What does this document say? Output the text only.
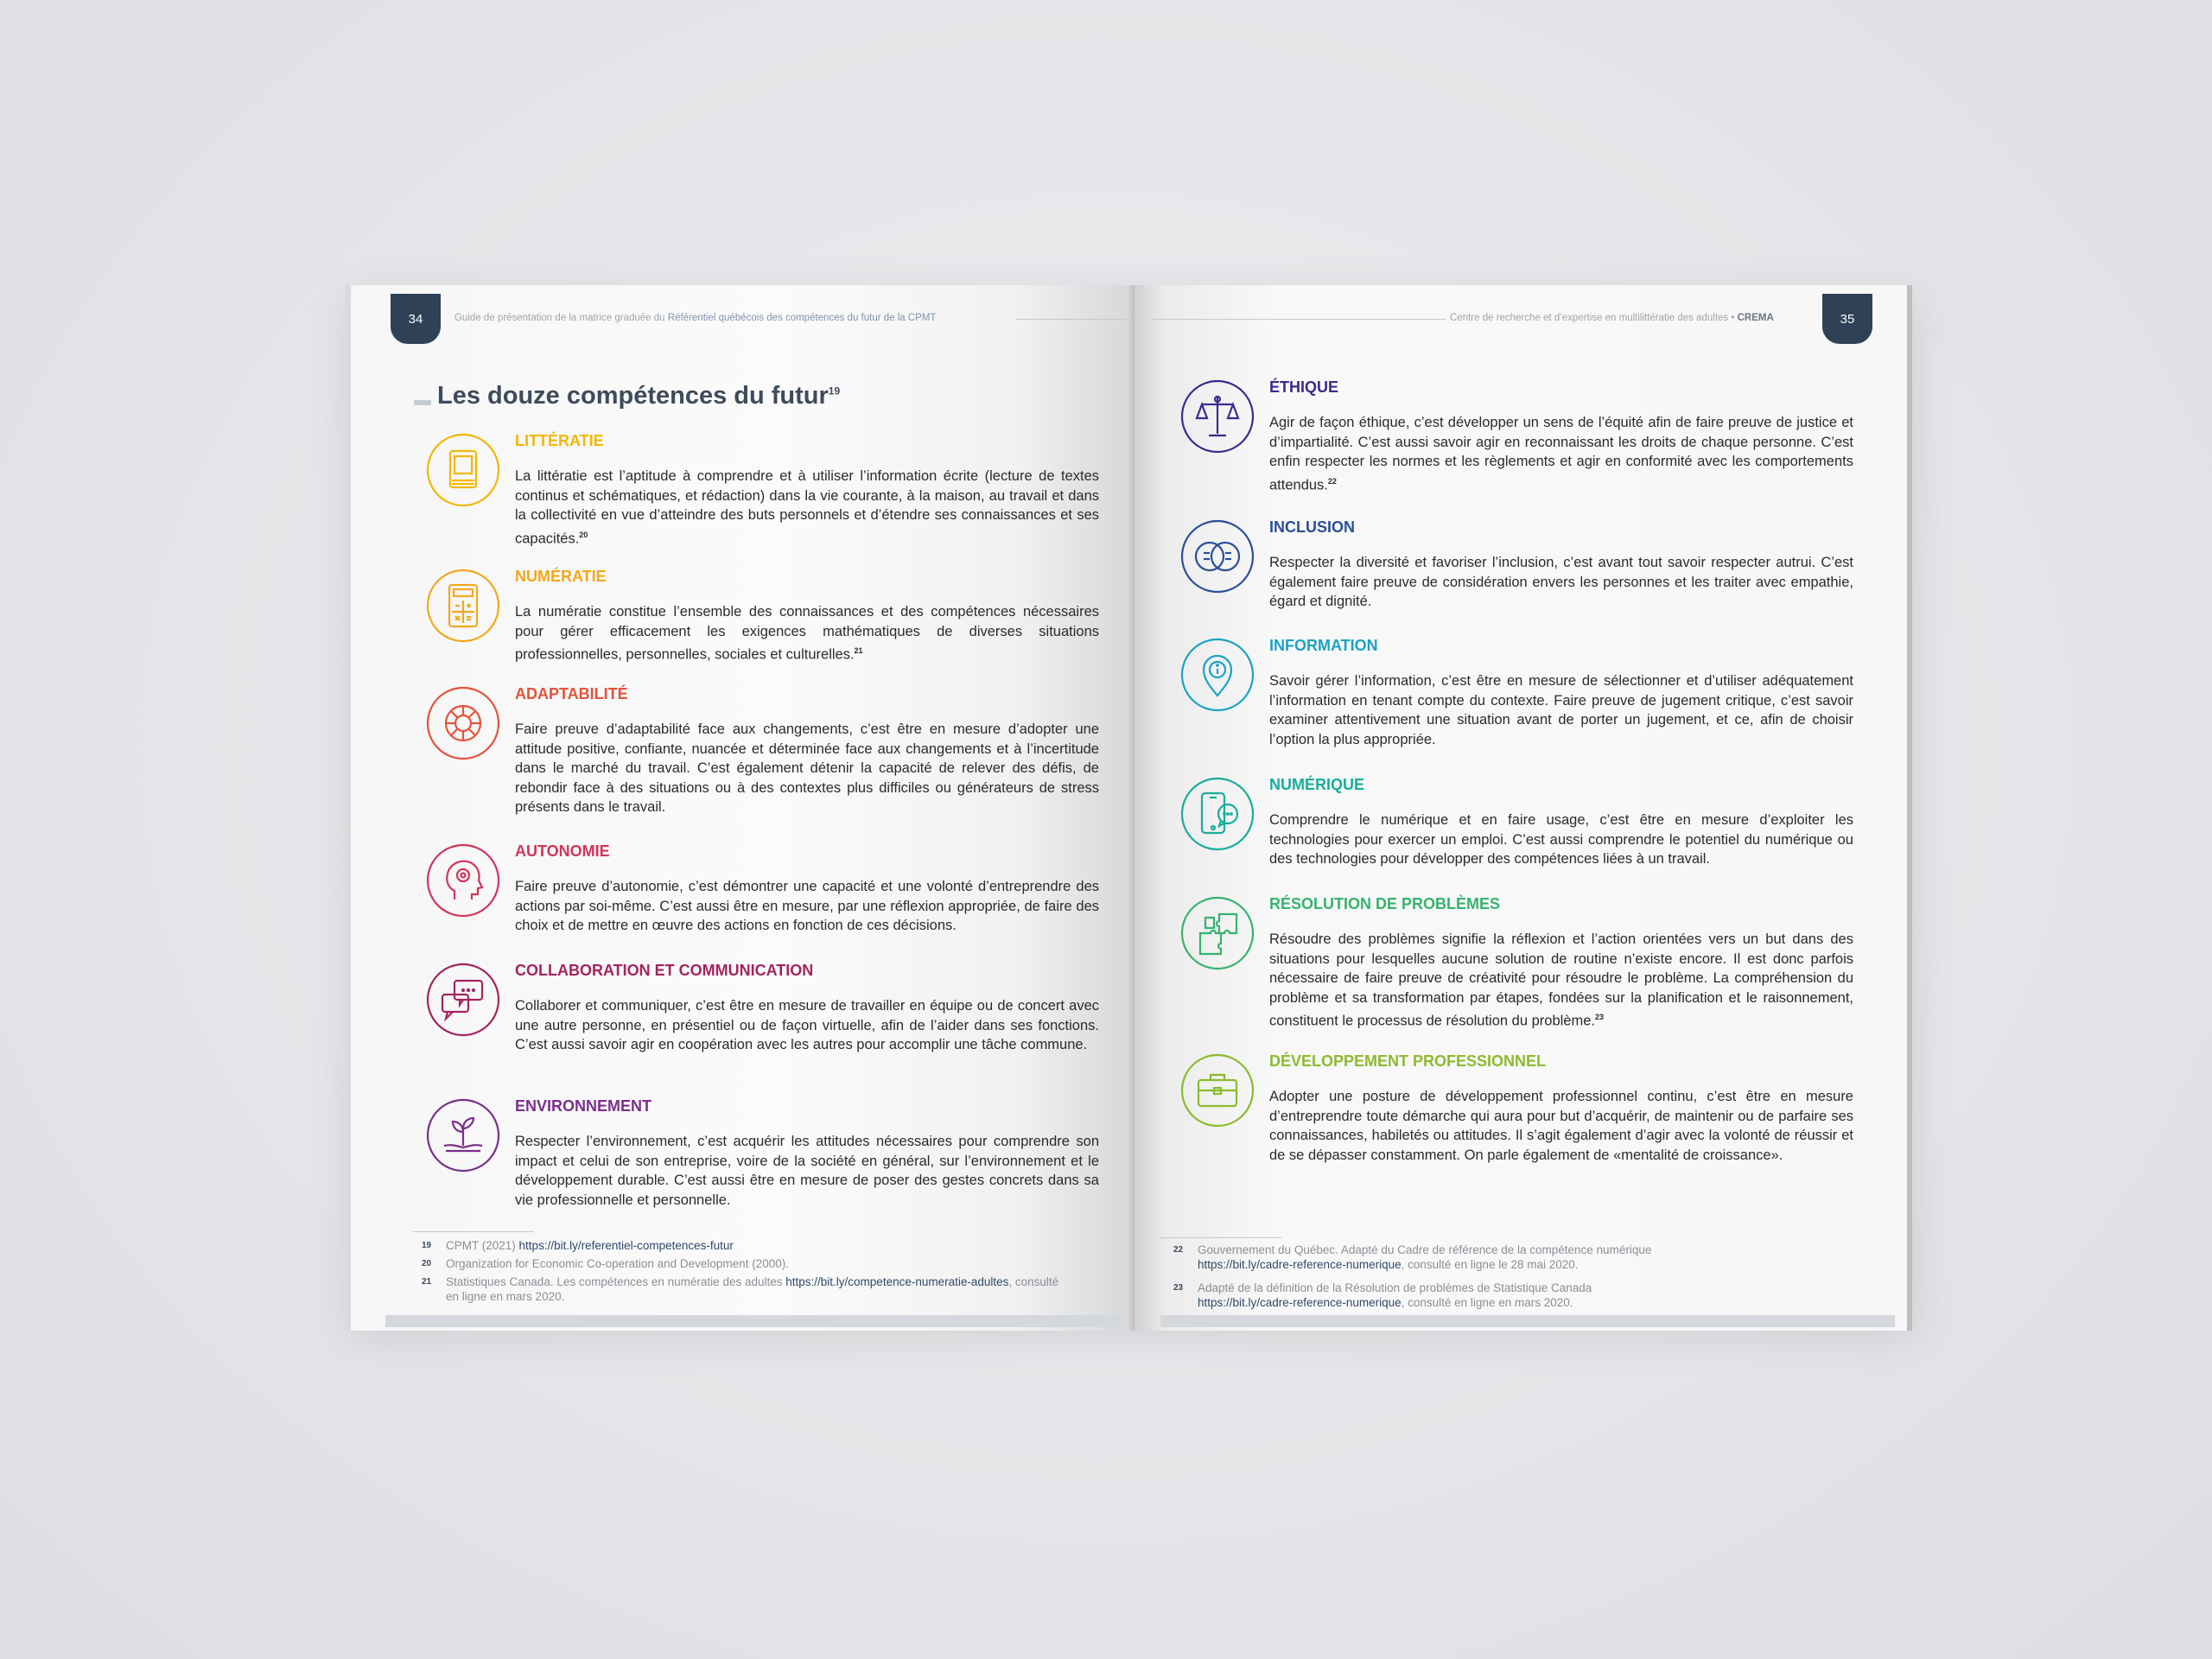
34	Guide de présentation de la matrice graduée du Référentiel québécois des compétences du futur de la CPMT
Les douze compétences du futur$^{19}$
LITTÉRATIE

La littératie est l’aptitude à comprendre et à utiliser l’information écrite (lecture de textes continus et schématiques, et rédaction) dans la vie courante, à la maison, au travail et dans la collectivité en vue d’atteindre des buts personnels et d’étendre ses connaissances et ses capacités.$^{20}$

NUMÉRATIE

La numératie constitue l’ensemble des connaissances et des compétences nécessaires pour gérer efficacement les exigences mathématiques de diverses situations professionnelles, personnelles, sociales et culturelles.$^{21}$

ADAPTABILITÉ

Faire preuve d’adaptabilité face aux changements, c’est être en mesure d’adopter une attitude positive, confiante, nuancée et déterminée face aux changements et à l’incertitude dans le marché du travail. C’est également détenir la capacité de relever des défis, de rebondir face à des situations ou à des contextes plus difficiles ou générateurs de stress présents dans le travail.

AUTONOMIE

Faire preuve d’autonomie, c’est démontrer une capacité et une volonté d’entreprendre des actions par soi-même. C’est aussi être en mesure, par une réflexion appropriée, de faire des choix et de mettre en œuvre des actions en fonction de ces décisions.

COLLABORATION ET COMMUNICATION

Collaborer et communiquer, c’est être en mesure de travailler en équipe ou de concert avec une autre personne, en présentiel ou de façon virtuelle, afin de l’aider dans ses fonctions. C’est aussi savoir agir en coopération avec les autres pour accomplir une tâche commune.

ENVIRONNEMENT

Respecter l’environnement, c’est acquérir les attitudes nécessaires pour comprendre son impact et celui de son entreprise, voire de la société en général, sur l’environnement et le développement durable. C’est aussi être en mesure de poser des gestes concrets dans sa vie professionnelle et personnelle.

19 CPMT (2021) https://bit.ly/referentiel-competences-futur
20 Organization for Economic Co-operation and Development (2000).
21 Statistiques Canada. Les compétences en numératie des adultes https://bit.ly/competence-numeratie-adultes, consulté en ligne en mars 2020.
Centre de recherche et d’expertise en multilittératie des adultes • CREMA	35
ÉTHIQUE

Agir de façon éthique, c’est développer un sens de l’équité afin de faire preuve de justice et d’impartialité. C’est aussi savoir agir en reconnaissant les droits de chaque personne. C’est enfin respecter les normes et les règlements et agir en conformité avec les comportements attendus.$^{22}$

INCLUSION

Respecter la diversité et favoriser l’inclusion, c’est avant tout savoir respecter autrui. C’est également faire preuve de considération envers les personnes et les traiter avec empathie, égard et dignité.

INFORMATION

Savoir gérer l’information, c’est être en mesure de sélectionner et d’utiliser adéquatement l’information en tenant compte du contexte. Faire preuve de jugement critique, c’est savoir examiner attentivement une situation avant de porter un jugement, et ce, afin de choisir l’option la plus appropriée.

NUMÉRIQUE

Comprendre le numérique et en faire usage, c’est être en mesure d’exploiter les technologies pour exercer un emploi. C’est aussi comprendre le potentiel du numérique ou des technologies pour développer des compétences liées à un travail.

RÉSOLUTION DE PROBLÈMES

Résoudre des problèmes signifie la réflexion et l’action orientées vers un but dans des situations pour lesquelles aucune solution de routine n’existe encore. Il est donc parfois nécessaire de faire preuve de créativité pour résoudre le problème. La compréhension du problème et sa transformation par étapes, fondées sur la planification et le raisonnement, constituent le processus de résolution du problème.$^{23}$

DÉVELOPPEMENT PROFESSIONNEL

Adopter une posture de développement professionnel continu, c’est être en mesure d’entreprendre toute démarche qui aura pour but d’acquérir, de maintenir ou de parfaire ses connaissances, habiletés ou attitudes. Il s’agit également d’agir avec la volonté de réussir et de se dépasser constamment. On parle également de «mentalité de croissance».

22 Gouvernement du Québec. Adapté du Cadre de référence de la compétence numérique
https://bit.ly/cadre-reference-numerique, consulté en ligne le 28 mai 2020.
23 Adapté de la définition de la Résolution de problèmes de Statistique Canada
https://bit.ly/cadre-reference-numerique, consulté en ligne en mars 2020.
